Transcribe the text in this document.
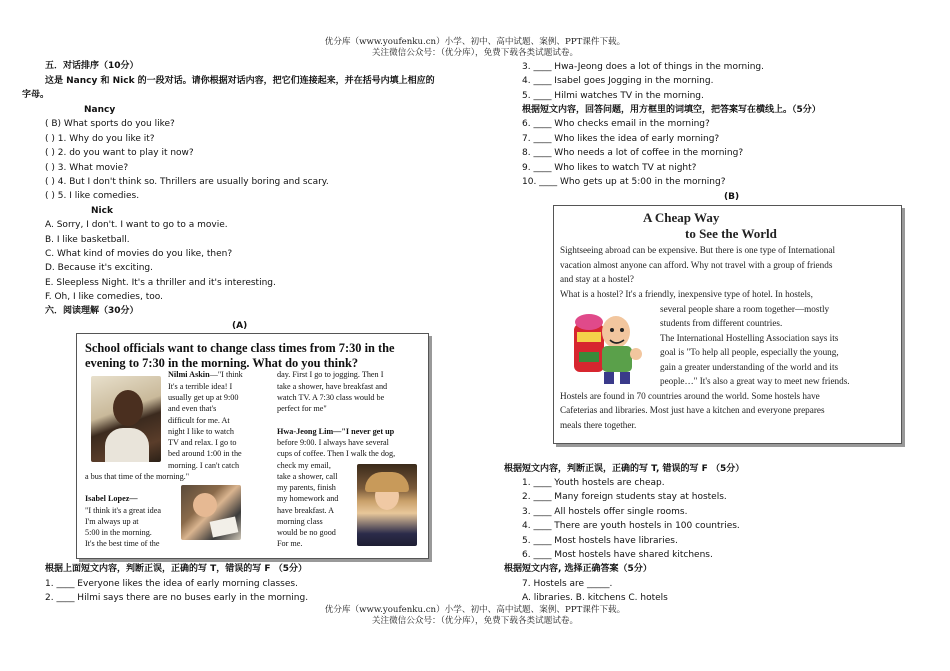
优分库（www.youfenku.cn）小学、初中、高中试题、案例、PPT课件下载。
关注微信公众号：（优分库），免费下载各类试题试卷。
五．对话排序（10分）
这是 Nancy 和 Nick 的一段对话。请你根据对话内容，把它们连接起来，并在括号内填上相应的
字母。
Nancy
( B) What sports do you like?
( ) 1. Why do you like it?
( ) 2. do you want to play it now?
( ) 3. What movie?
( ) 4. But I don't think so. Thrillers are usually boring and scary.
( ) 5. I like comedies.
Nick
A. Sorry, I don't. I want to go to a movie.
B. I like basketball.
C. What kind of movies do you like, then?
D. Because it's exciting.
E. Sleepless Night. It's a thriller and it's interesting.
F. Oh, I like comedies, too.
六．阅读理解（30分）
(A)
School officials want to change class times from 7:30 in the
evening to 7:30 in the morning. What do you think?
Nilmi Askin—"I think
It's a terrible idea! I
usually get up at 9:00
and even that's
difficult for me. At
night I like to watch
TV and relax. I go to
bed around 1:00 in the
morning. I can't catch
a bus that time of the morning."
day. First I go to jogging. Then I
take a shower, have breakfast and
watch TV. A 7:30 class would be
perfect for me"
Hwa-Jeong Lim—"I never get up
before 9:00. I always have several
cups of coffee. Then I walk the dog,
check my email,
take a shower, call
my parents, finish
my homework and
have breakfast. A
morning class
would be no good
For me.
Isabel Lopez—
"I think it's a great idea
I'm always up at
5:00 in the morning.
It's the best time of the
根据上面短文内容，判断正误，正确的写 T，错误的写 F （5分）
1. ____ Everyone likes the idea of early morning classes.
2. ____ Hilmi says there are no buses early in the morning.
3. ____ Hwa-Jeong does a lot of things in the morning.
4. ____ Isabel goes Jogging in the morning.
5. ____ Hilmi watches TV in the morning.
根据短文内容，回答问题，用方框里的词填空，把答案写在横线上。（5分）
6. ____ Who checks email in the morning?
7. ____ Who likes the idea of early morning?
8. ____ Who needs a lot of coffee in the morning?
9. ____ Who likes to watch TV at night?
10. ____ Who gets up at 5:00 in the morning?
(B)
A Cheap Way
to See the World
Sightseeing abroad can be expensive. But there is one type of International
vacation almost anyone can afford. Why not travel with a group of friends
and stay at a hostel?
What is a hostel? It's a friendly, inexpensive type of hotel. In hostels,
several people share a room together—mostly
students from different countries.
The International Hostelling Association says its
goal is "To help all people, especially the young,
gain a greater understanding of the world and its
people…" It's also a great way to meet new friends.
Hostels are found in 70 countries around the world. Some hostels have
Cafeterias and libraries. Most just have a kitchen and everyone prepares
meals there together.
根据短文内容，判断正误，正确的写 T, 错误的写 F （5分）
1. ____ Youth hostels are cheap.
2. ____ Many foreign students stay at hostels.
3. ____ All hostels offer single rooms.
4. ____ There are youth hostels in 100 countries.
5. ____ Most hostels have libraries.
6. ____ Most hostels have shared kitchens.
根据短文内容, 选择正确答案（5分）
7. Hostels are _____.
A. libraries. B. kitchens C. hotels
优分库（www.youfenku.cn）小学、初中、高中试题、案例、PPT课件下载。
关注微信公众号：（优分库），免费下载各类试题试卷。
